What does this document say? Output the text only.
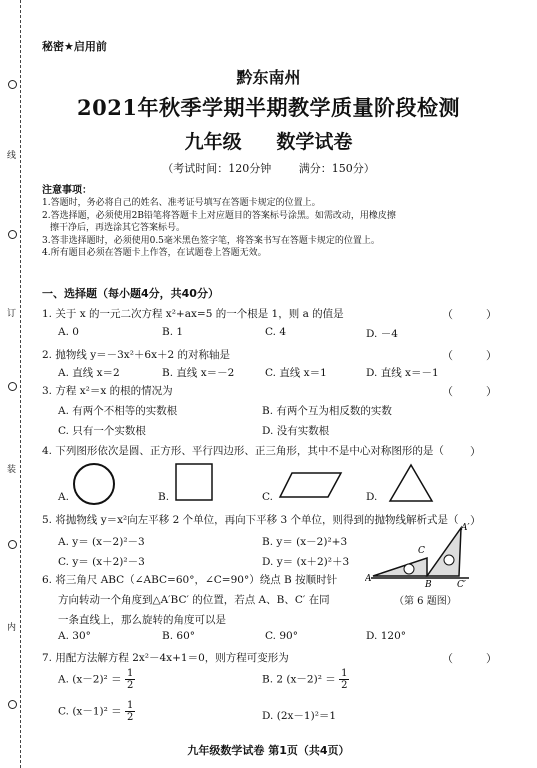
线
订
装
内
秘密★启用前
黔东南州
2021年秋季学期半期教学质量阶段检测
九年级 数学试卷
（考试时间：120分钟	满分：150分）
注意事项：
1.答题时，务必将自己的姓名、准考证号填写在答题卡规定的位置上。
2.答选择题，必须使用2B铅笔将答题卡上对应题目的答案标号涂黑。如需改动，用橡皮擦
擦干净后，再选涂其它答案标号。
3.答非选择题时，必须使用0.5毫米黑色签字笔，将答案书写在答题卡规定的位置上。
4.所有题目必须在答题卡上作答，在试题卷上答题无效。
一、选择题（每小题4分，共40分）
1. 关于 x 的一元二次方程 x²+ax=5 的一个根是 1，则 a 的值是	（　　　）
A. 0	B. 1	C. 4	D. －4
2. 抛物线 y＝－3x²＋6x＋2 的对称轴是	（　　　）
A. 直线 x＝2	B. 直线 x＝－2	C. 直线 x＝1	D. 直线 x＝－1
3. 方程 x²＝x 的根的情况为	（　　　）
A. 有两个不相等的实数根	B. 有两个互为相反数的实数
C. 只有一个实数根	D. 没有实数根
4. 下列图形依次是圆、正方形、平行四边形、正三角形，其中不是中心对称图形的是（ ）
A.	B.	C.	D.
5. 将抛物线 y＝x²向左平移 2 个单位，再向下平移 3 个单位，则得到的抛物线解析式是（ ）
A. y＝ (x－2)²－3	B. y＝ (x－2)²+3
C. y＝ (x＋2)²－3	D. y＝ (x＋2)²＋3
6. 将三角尺 ABC（∠ABC=60°，∠C=90°）绕点 B 按顺时针
方向转动一个角度到△A′BC′ 的位置，若点 A、B、C′ 在同
一条直线上，那么旋转的角度可以是
A. 30°	B. 60°	C. 90°	D. 120°
A
B
C
C′
A′
（第 6 题图）
7. 用配方法解方程 2x²－4x+1＝0，则方程可变形为	（　　　）
A. $(x-2)^2 = \frac{1}{2}$	B. 2 $(x-2)^2 = \frac{1}{2}$
C. $(x-1)^2 = \frac{1}{2}$	D. (2x－1)²＝1
九年级数学试卷 第1页（共4页）
